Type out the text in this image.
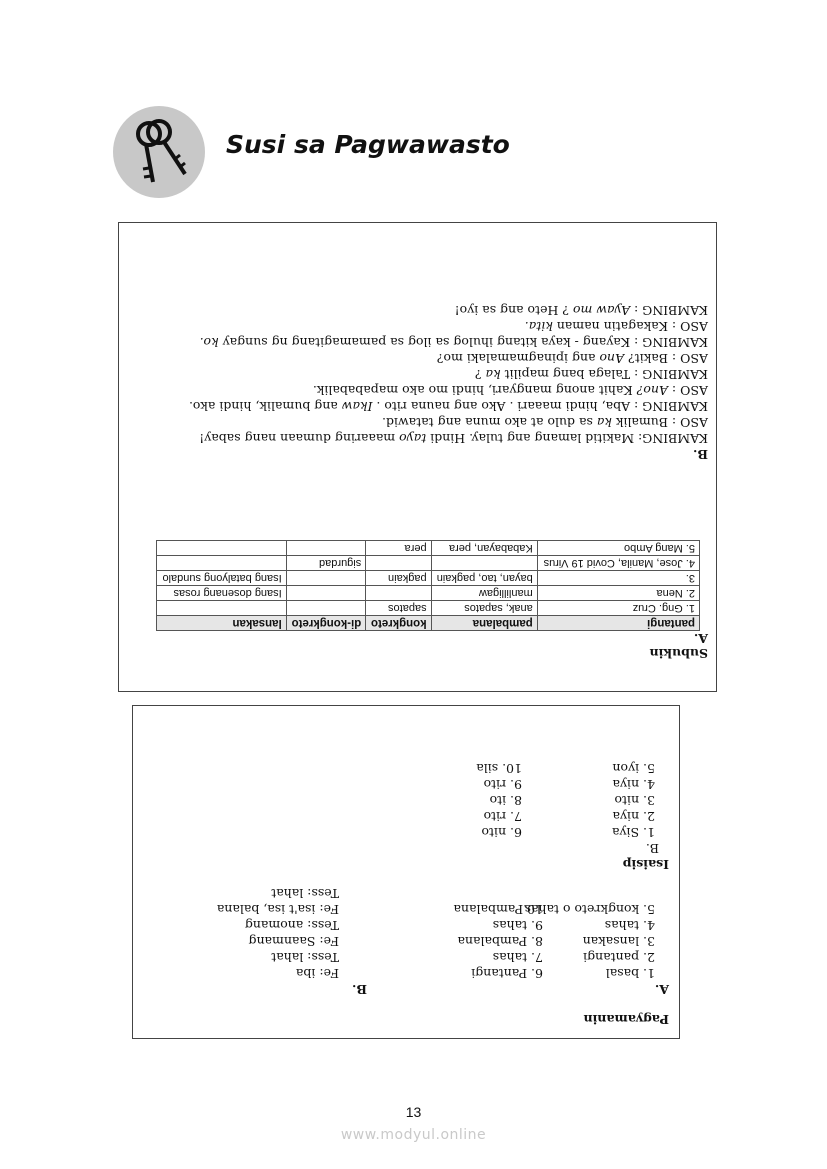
Susi sa Pagwawasto
Subukin
A.
pantangi	pambalana	kongkreto	di-kongkreto	lansakan
1. Gng. Cruz	anak, sapatos	sapatos		
2. Nena	manlilligaw			Isang dosenang rosas
3.	bayan, tao, pagkain	pagkain		Isang batalyong sundalo
4. Jose, Manila, Covid 19 Virus			sigurdad	
5. Mang Ambo	Kababayan, pera	pera		
B.
KAMBING: Makitid lamang ang tulay. Hindi tayo maaaring dumaan nang sabay!
ASO : Bumalik ka sa dulo at ako muna ang tatawid.
KAMBING : Aba, hindi maaari . Ako ang nauna rito . Ikaw ang bumalik, hindi ako.
ASO : Ano? Kahit anong mangyari, hindi mo ako mapababalik.
KAMBING : Talaga bang mapilit ka ?
ASO : Bakit? Ano ang ipinagmamalaki mo?
KAMBING : Kayang - kaya kitang ihulog sa ilog sa pamamagitang ng sungay ko.
ASO : Kakagatin naman kita.
KAMBING : Ayaw mo ? Heto ang sa iyo!
Pagyamanin
A.
B.
1. basal
2. pantangi
3. lansakan
4. tahas
5. kongkreto o tahas
6. Pantangi
7. tahas
8. Pambalana
9. tahas
10.Pambalana
Fe: iba
Tess: lahat
Fe: Saanmang
Tess: anomang
Fe: isa't isa, balana
Tess: lahat
Isaisip
B.
1. Siya
2. niya
3. nito
4. niya
5. iyon
6. nito
7. rito
8. ito
9. rito
10. sila
13
www.modyul.online
